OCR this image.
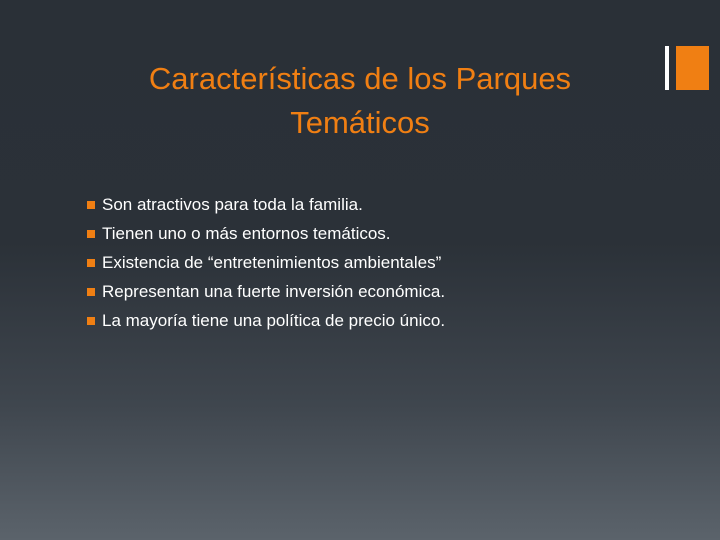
Características de los Parques
Temáticos
Son atractivos para toda la familia.
Tienen uno o más entornos temáticos.
Existencia de “entretenimientos ambientales”
Representan una fuerte inversión económica.
La mayoría tiene una política de precio único.
